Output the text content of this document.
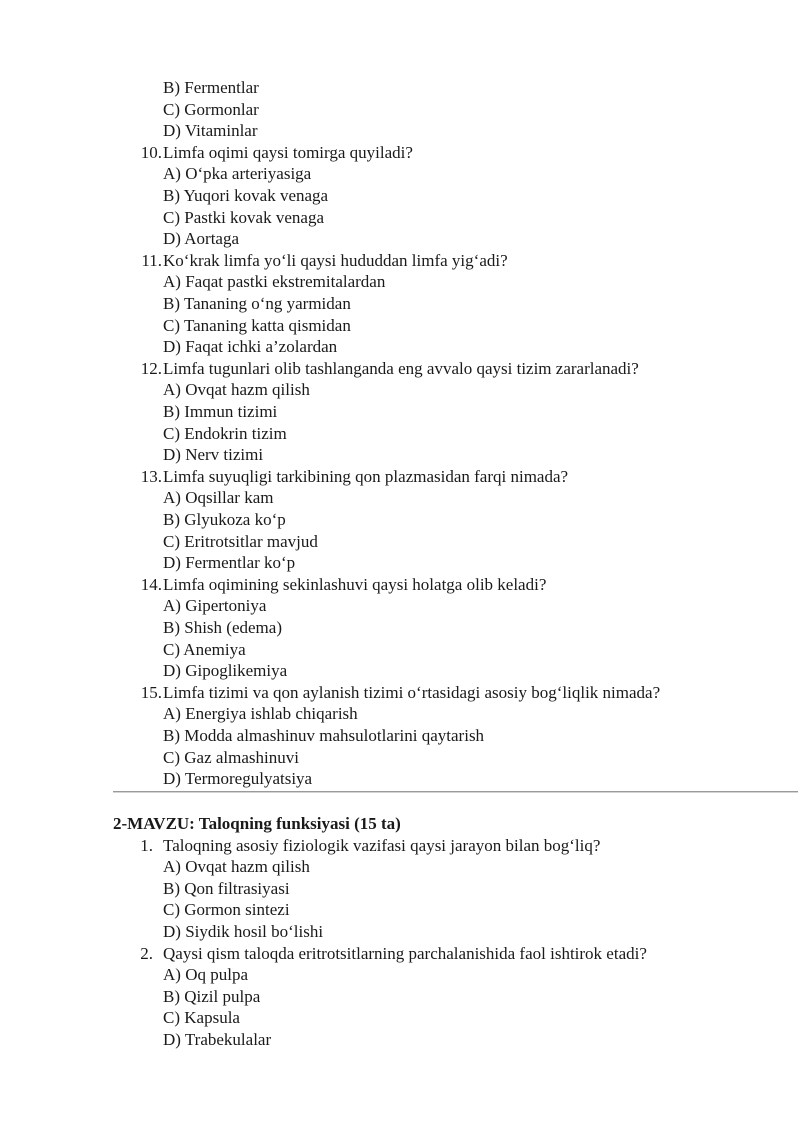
B) Fermentlar
C) Gormonlar
D) Vitaminlar
10. Limfa oqimi qaysi tomirga quyiladi?
A) O‘pka arteriyasiga
B) Yuqori kovak venaga
C) Pastki kovak venaga
D) Aortaga
11. Ko‘krak limfa yo‘li qaysi hududdan limfa yig‘adi?
A) Faqat pastki ekstremitalardan
B) Tananing o‘ng yarmidan
C) Tananing katta qismidan
D) Faqat ichki a’zolardan
12. Limfa tugunlari olib tashlanganda eng avvalo qaysi tizim zararlanadi?
A) Ovqat hazm qilish
B) Immun tizimi
C) Endokrin tizim
D) Nerv tizimi
13. Limfa suyuqligi tarkibining qon plazmasidan farqi nimada?
A) Oqsillar kam
B) Glyukoza ko‘p
C) Eritrotsitlar mavjud
D) Fermentlar ko‘p
14. Limfa oqimining sekinlashuvi qaysi holatga olib keladi?
A) Gipertoniya
B) Shish (edema)
C) Anemiya
D) Gipoglikemiya
15. Limfa tizimi va qon aylanish tizimi o‘rtasidagi asosiy bog‘liqlik nimada?
A) Energiya ishlab chiqarish
B) Modda almashinuv mahsulotlarini qaytarish
C) Gaz almashinuvi
D) Termoregulyatsiya
2-MAVZU: Taloqning funksiyasi (15 ta)
1. Taloqning asosiy fiziologik vazifasi qaysi jarayon bilan bog‘liq?
A) Ovqat hazm qilish
B) Qon filtrasiyasi
C) Gormon sintezi
D) Siydik hosil bo‘lishi
2. Qaysi qism taloqda eritrotsitlarning parchalanishida faol ishtirok etadi?
A) Oq pulpa
B) Qizil pulpa
C) Kapsula
D) Trabekulalar
